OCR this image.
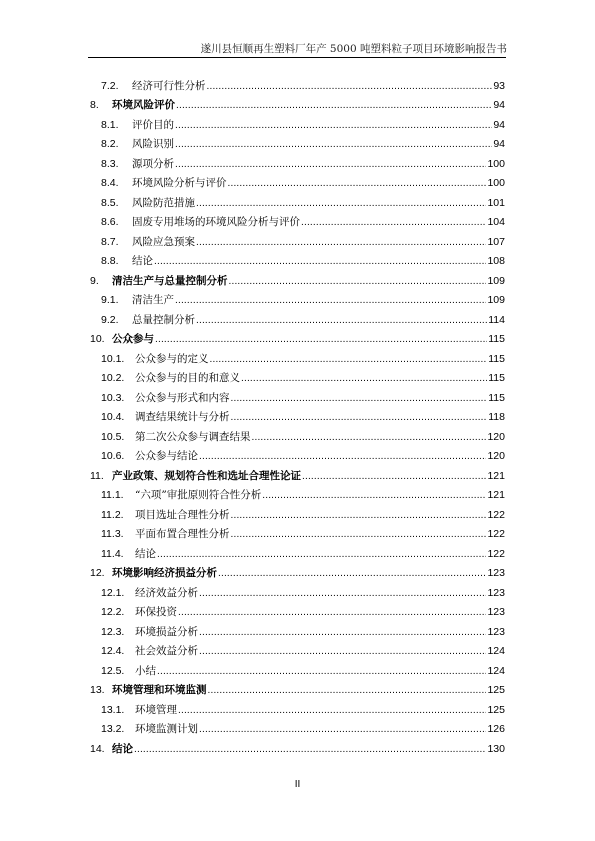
遂川县恒顺再生塑料厂年产 5000 吨塑料粒子项目环境影响报告书
7.2.	经济可行性分析 .....	93
8.	环境风险评价 .....	94
8.1.	评价目的 .....	94
8.2.	风险识别 .....	94
8.3.	源项分析 .....	100
8.4.	环境风险分析与评价 .....	100
8.5.	风险防范措施 .....	101
8.6.	固废专用堆场的环境风险分析与评价 .....	104
8.7.	风险应急预案 .....	107
8.8.	结论 .....	108
9.	清洁生产与总量控制分析 .....	109
9.1.	清洁生产 .....	109
9.2.	总量控制分析 .....	114
10. 公众参与 .....	115
10.1.	公众参与的定义 .....	115
10.2.	公众参与的目的和意义 .....	115
10.3.	公众参与形式和内容 .....	115
10.4.	调查结果统计与分析 .....	118
10.5.	第二次公众参与调查结果 .....	120
10.6.	公众参与结论 .....	120
11. 产业政策、规划符合性和选址合理性论证 .....	121
11.1.	“六项”审批原则符合性分析 .....	121
11.2.	项目选址合理性分析 .....	122
11.3.	平面布置合理性分析 .....	122
11.4.	结论 .....	122
12. 环境影响经济损益分析 .....	123
12.1.	经济效益分析 .....	123
12.2.	环保投资 .....	123
12.3.	环境损益分析 .....	123
12.4.	社会效益分析 .....	124
12.5.	小结 .....	124
13. 环境管理和环境监测 .....	125
13.1.	环境管理 .....	125
13.2.	环境监测计划 .....	126
14. 结论 .....	130
II
